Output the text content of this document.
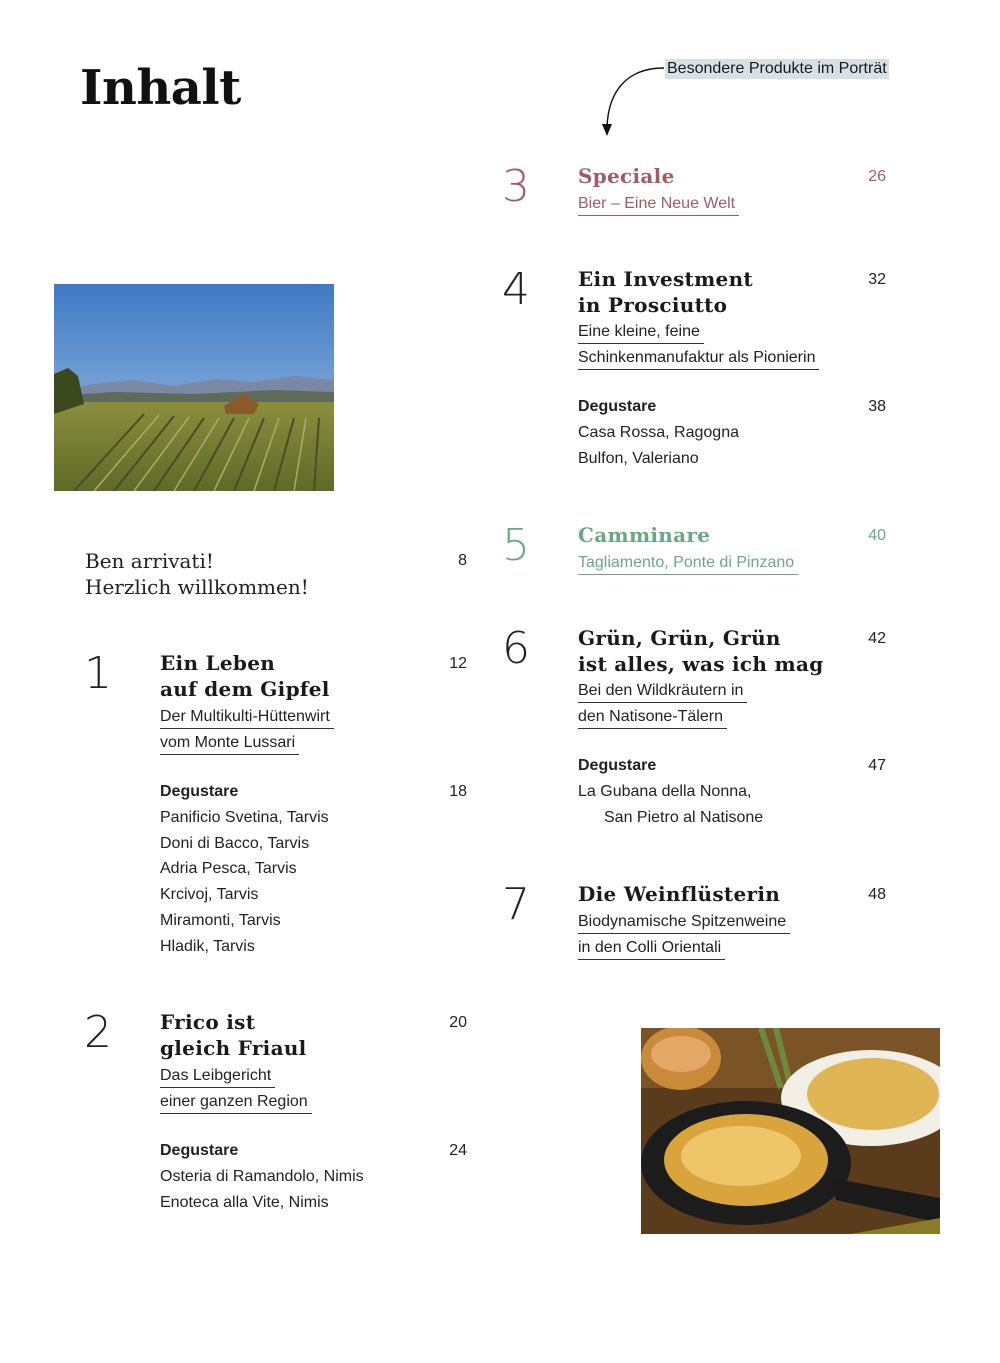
Inhalt	Besondere Produkte im Porträt
Ben arrivati!
Herzlich willkommen!
8
1 Ein Leben
auf dem Gipfel
12
Der Multikulti-Hüttenwirt
vom Monte Lussari
Degustare	18
Panificio Svetina, Tarvis
Doni di Bacco, Tarvis
Adria Pesca, Tarvis
Krcivoj, Tarvis
Miramonti, Tarvis
Hladik, Tarvis
2 Frico ist
gleich Friaul
20
Das Leibgericht
einer ganzen Region
Degustare	24
Osteria di Ramandolo, Nimis
Enoteca alla Vite, Nimis
3 Speciale	26
Bier – Eine Neue Welt
4 Ein Investment
in Prosciutto
32
Eine kleine, feine
Schinkenmanufaktur als Pionierin
Degustare	38
Casa Rossa, Ragogna
Bulfon, Valeriano
5 Camminare	40
Tagliamento, Ponte di Pinzano
6 Grün, Grün, Grün
ist alles, was ich mag
42
Bei den Wildkräutern in
den Natisone-Tälern
Degustare	47
La Gubana della Nonna,
San Pietro al Natisone
7 Die Weinflüsterin	48
Biodynamische Spitzenweine
in den Colli Orientali
